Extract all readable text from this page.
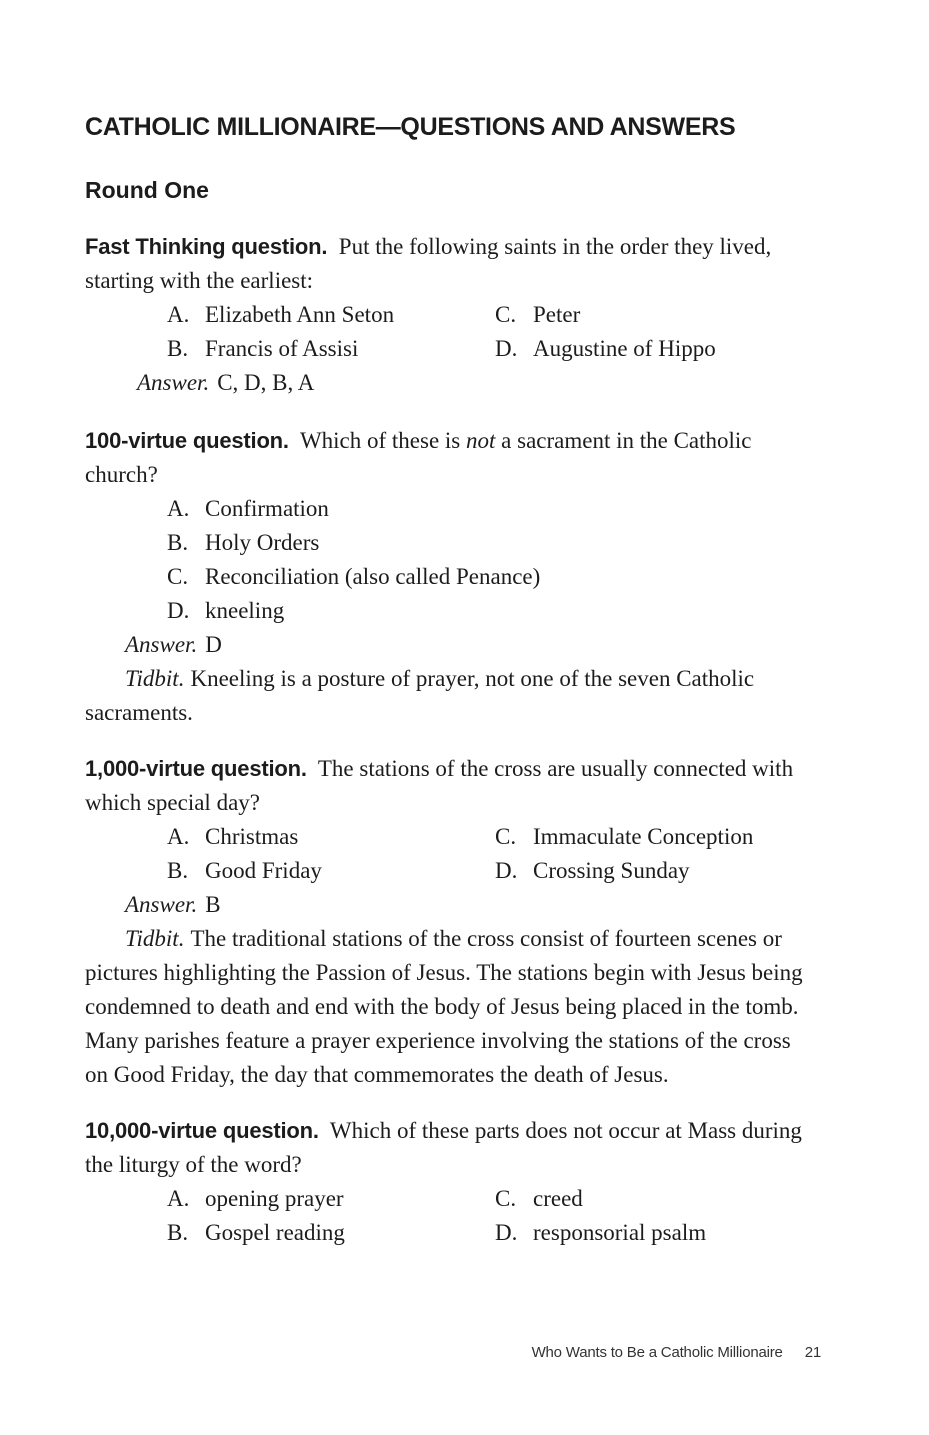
CATHOLIC MILLIONAIRE—QUESTIONS AND ANSWERS
Round One

Fast Thinking question. Put the following saints in the order they lived, starting with the earliest:

A. Elizabeth Ann Seton	C. Peter
B. Francis of Assisi	D. Augustine of Hippo
Answer. C, D, B, A

100-virtue question. Which of these is not a sacrament in the Catholic church?

A. Confirmation
B. Holy Orders
C. Reconciliation (also called Penance)
D. kneeling
Answer. D

Tidbit. Kneeling is a posture of prayer, not one of the seven Catholic sacraments.

1,000-virtue question. The stations of the cross are usually connected with which special day?

A. Christmas	C. Immaculate Conception
B. Good Friday	D. Crossing Sunday
Answer. B

Tidbit. The traditional stations of the cross consist of fourteen scenes or pictures highlighting the Passion of Jesus. The stations begin with Jesus being condemned to death and end with the body of Jesus being placed in the tomb. Many parishes feature a prayer experience involving the stations of the cross on Good Friday, the day that commemorates the death of Jesus.

10,000-virtue question. Which of these parts does not occur at Mass during the liturgy of the word?

A. opening prayer	C. creed
B. Gospel reading	D. responsorial psalm
Who Wants to Be a Catholic Millionaire 21
